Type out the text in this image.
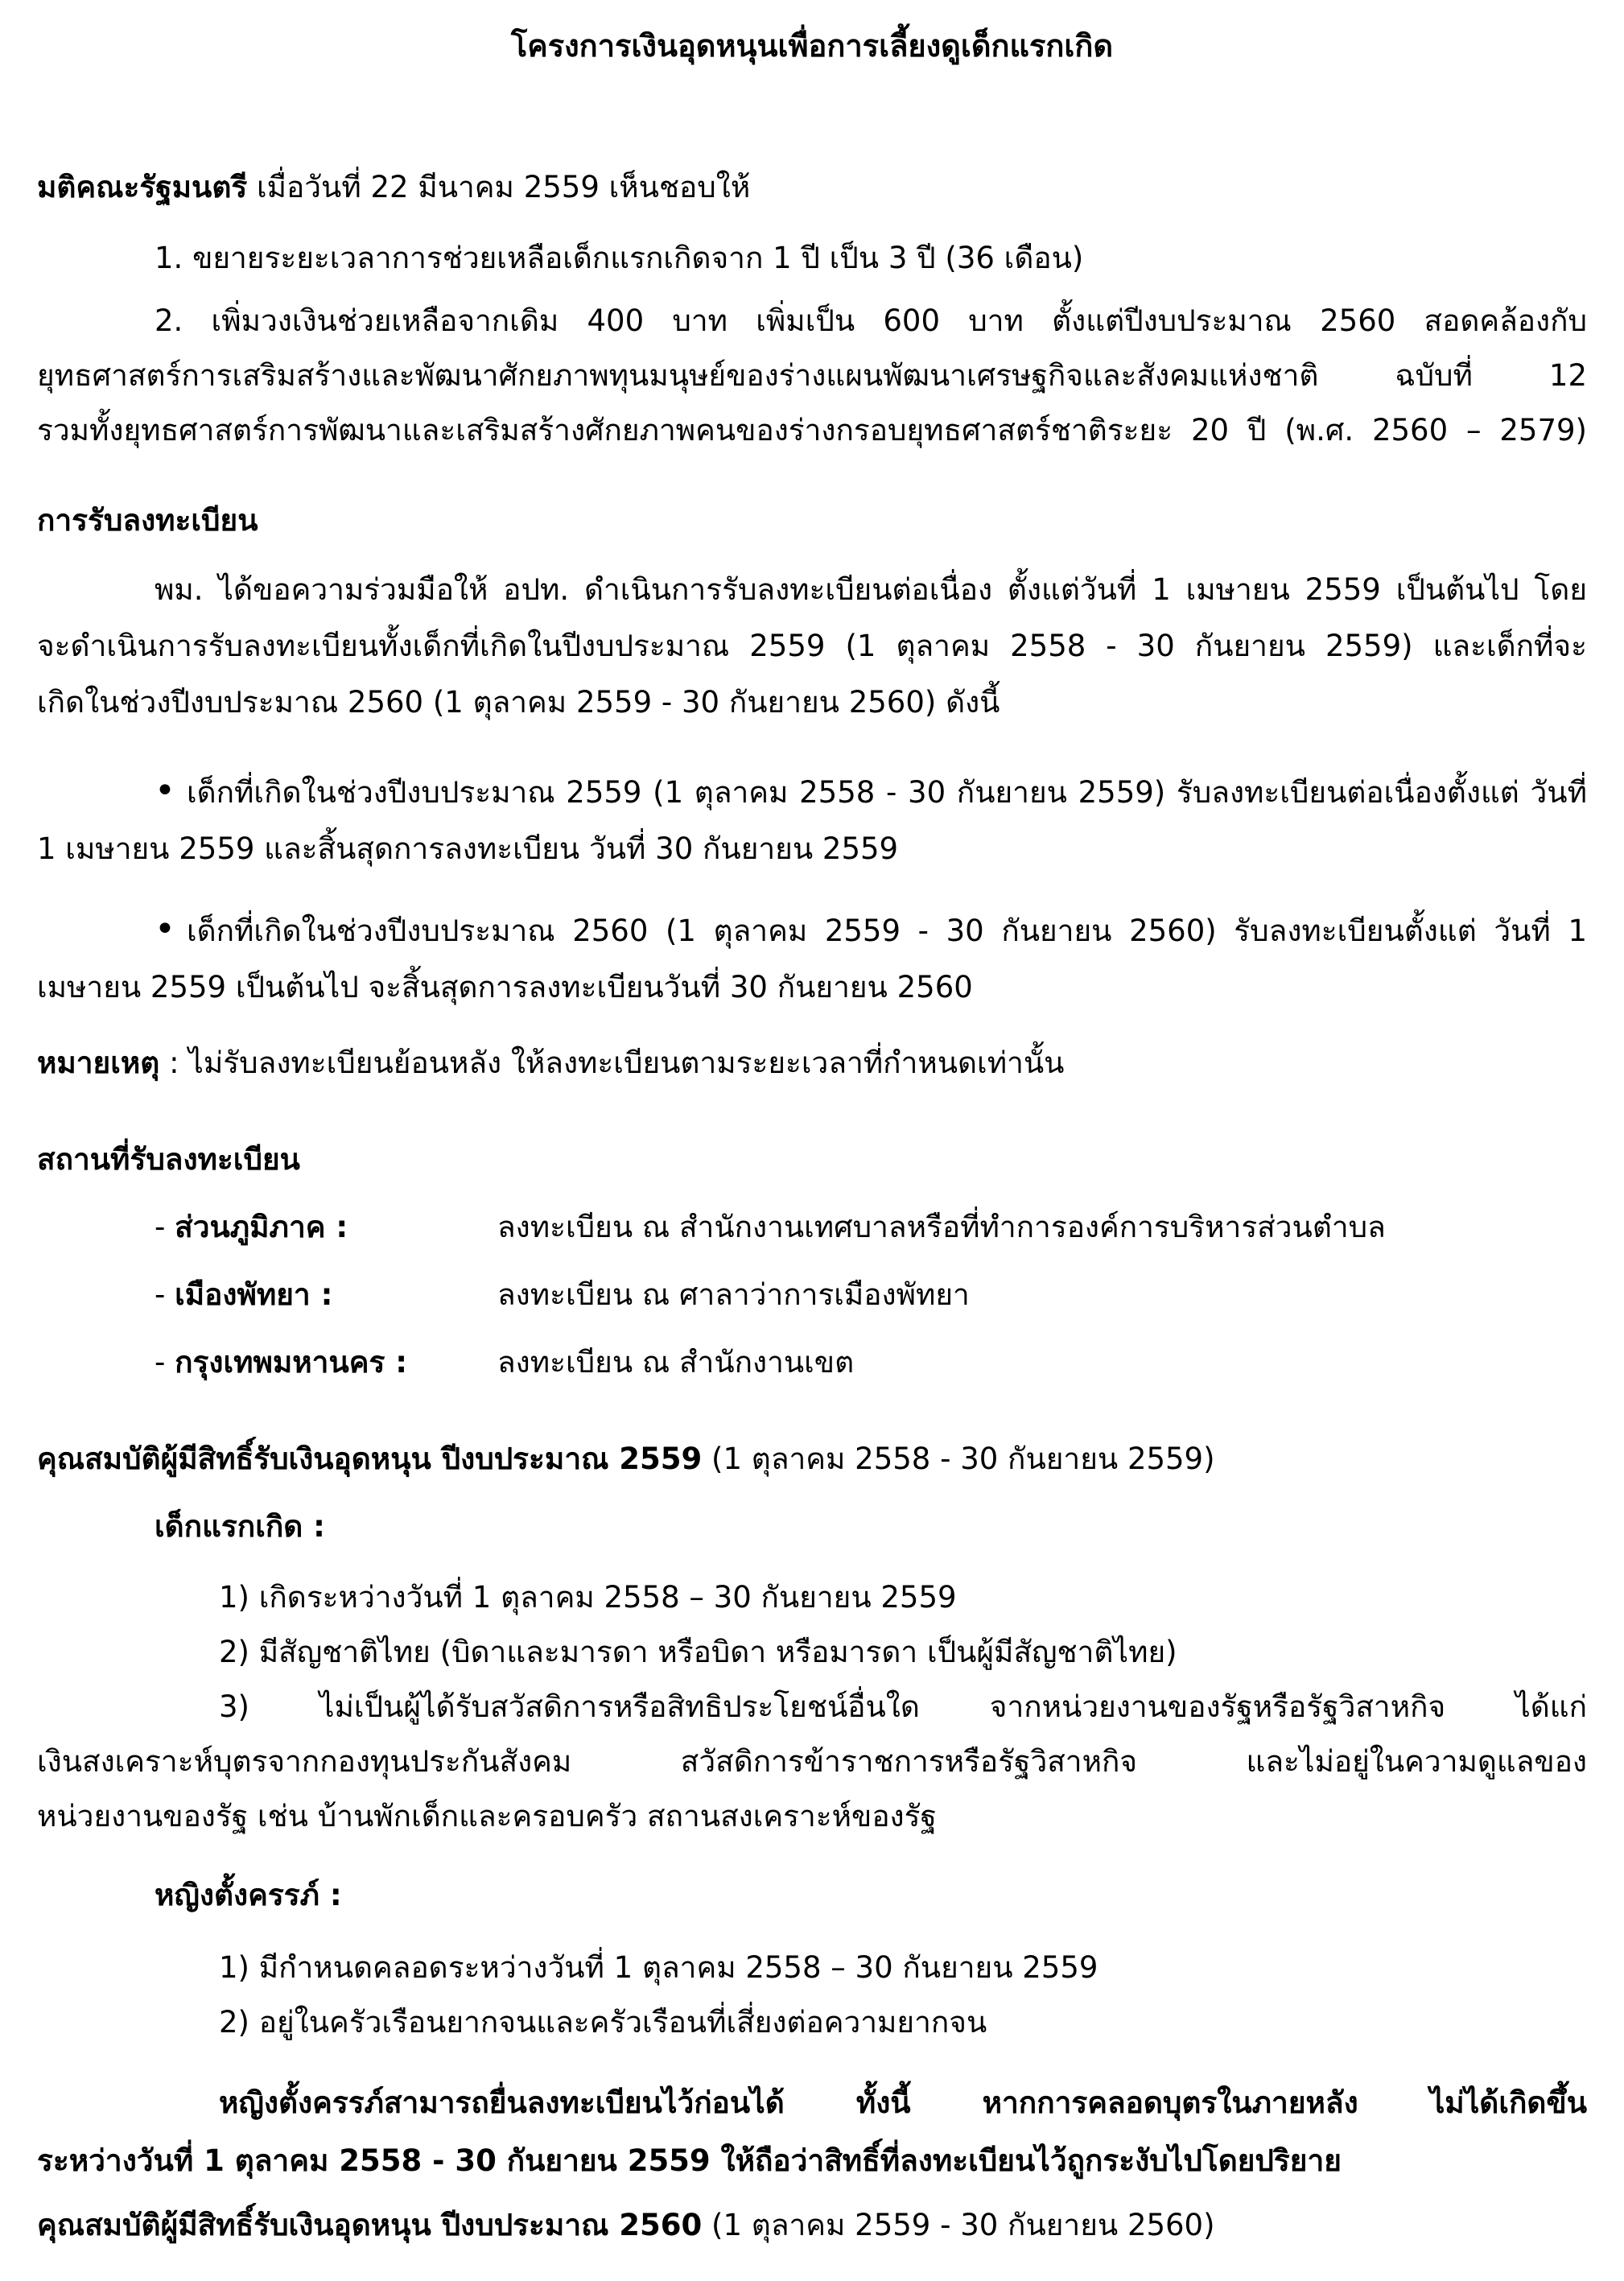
โครงการเงินอุดหนุนเพื่อการเลี้ยงดูเด็กแรกเกิด
มติคณะรัฐมนตรี เมื่อวันที่ 22 มีนาคม 2559 เห็นชอบให้
1. ขยายระยะเวลาการช่วยเหลือเด็กแรกเกิดจาก 1 ปี เป็น 3 ปี (36 เดือน)
2. เพิ่มวงเงินช่วยเหลือจากเดิม 400 บาท เพิ่มเป็น 600 บาท ตั้งแต่ปีงบประมาณ 2560 สอดคล้องกับ
ยุทธศาสตร์การเสริมสร้างและพัฒนาศักยภาพทุนมนุษย์ของร่างแผนพัฒนาเศรษฐกิจและสังคมแห่งชาติ ฉบับที่ 12
รวมทั้งยุทธศาสตร์การพัฒนาและเสริมสร้างศักยภาพคนของร่างกรอบยุทธศาสตร์ชาติระยะ 20 ปี (พ.ศ. 2560 – 2579)
การรับลงทะเบียน
พม. ได้ขอความร่วมมือให้ อปท. ดำเนินการรับลงทะเบียนต่อเนื่อง ตั้งแต่วันที่ 1 เมษายน 2559 เป็นต้นไป โดย
จะดำเนินการรับลงทะเบียนทั้งเด็กที่เกิดในปีงบประมาณ 2559 (1 ตุลาคม 2558 - 30 กันยายน 2559) และเด็กที่จะ
เกิดในช่วงปีงบประมาณ 2560 (1 ตุลาคม 2559 - 30 กันยายน 2560) ดังนี้
• เด็กที่เกิดในช่วงปีงบประมาณ 2559 (1 ตุลาคม 2558 - 30 กันยายน 2559) รับลงทะเบียนต่อเนื่องตั้งแต่ วันที่
1 เมษายน 2559 และสิ้นสุดการลงทะเบียน วันที่ 30 กันยายน 2559
• เด็กที่เกิดในช่วงปีงบประมาณ 2560 (1 ตุลาคม 2559 - 30 กันยายน 2560) รับลงทะเบียนตั้งแต่ วันที่ 1
เมษายน 2559 เป็นต้นไป จะสิ้นสุดการลงทะเบียนวันที่ 30 กันยายน 2560
หมายเหตุ : ไม่รับลงทะเบียนย้อนหลัง ให้ลงทะเบียนตามระยะเวลาที่กำหนดเท่านั้น
สถานที่รับลงทะเบียน
- ส่วนภูมิภาค :	ลงทะเบียน ณ สำนักงานเทศบาลหรือที่ทำการองค์การบริหารส่วนตำบล
- เมืองพัทยา :	ลงทะเบียน ณ ศาลาว่าการเมืองพัทยา
- กรุงเทพมหานคร :	ลงทะเบียน ณ สำนักงานเขต
คุณสมบัติผู้มีสิทธิ์รับเงินอุดหนุน ปีงบประมาณ 2559 (1 ตุลาคม 2558 - 30 กันยายน 2559)
เด็กแรกเกิด :
1) เกิดระหว่างวันที่ 1 ตุลาคม 2558 – 30 กันยายน 2559
2) มีสัญชาติไทย (บิดาและมารดา หรือบิดา หรือมารดา เป็นผู้มีสัญชาติไทย)
3) ไม่เป็นผู้ได้รับสวัสดิการหรือสิทธิประโยชน์อื่นใด จากหน่วยงานของรัฐหรือรัฐวิสาหกิจ ได้แก่
เงินสงเคราะห์บุตรจากกองทุนประกันสังคม สวัสดิการข้าราชการหรือรัฐวิสาหกิจ และไม่อยู่ในความดูแลของ
หน่วยงานของรัฐ เช่น บ้านพักเด็กและครอบครัว สถานสงเคราะห์ของรัฐ
หญิงตั้งครรภ์ :
1) มีกำหนดคลอดระหว่างวันที่ 1 ตุลาคม 2558 – 30 กันยายน 2559
2) อยู่ในครัวเรือนยากจนและครัวเรือนที่เสี่ยงต่อความยากจน
หญิงตั้งครรภ์สามารถยื่นลงทะเบียนไว้ก่อนได้ ทั้งนี้ หากการคลอดบุตรในภายหลัง ไม่ได้เกิดขึ้น
ระหว่างวันที่ 1 ตุลาคม 2558 - 30 กันยายน 2559 ให้ถือว่าสิทธิ์ที่ลงทะเบียนไว้ถูกระงับไปโดยปริยาย
คุณสมบัติผู้มีสิทธิ์รับเงินอุดหนุน ปีงบประมาณ 2560 (1 ตุลาคม 2559 - 30 กันยายน 2560)
